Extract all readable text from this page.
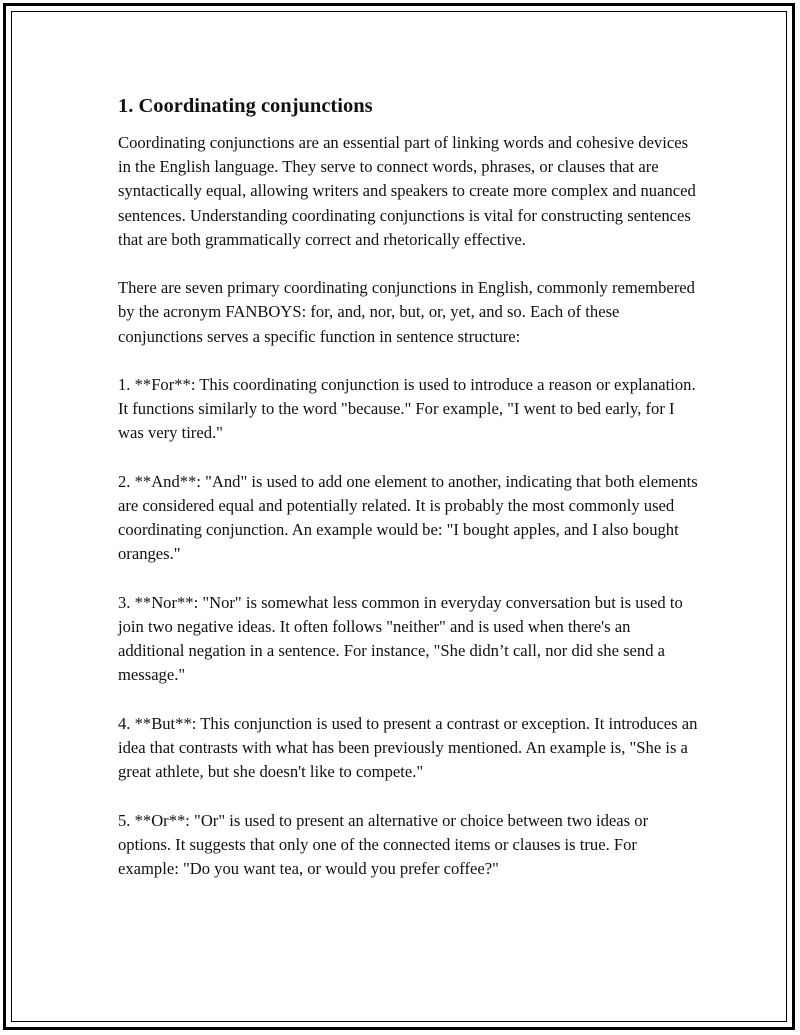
1. Coordinating conjunctions

Coordinating conjunctions are an essential part of linking words and cohesive devices in the English language. They serve to connect words, phrases, or clauses that are syntactically equal, allowing writers and speakers to create more complex and nuanced sentences. Understanding coordinating conjunctions is vital for constructing sentences that are both grammatically correct and rhetorically effective.

There are seven primary coordinating conjunctions in English, commonly remembered by the acronym FANBOYS: for, and, nor, but, or, yet, and so. Each of these conjunctions serves a specific function in sentence structure:

1. **For**: This coordinating conjunction is used to introduce a reason or explanation. It functions similarly to the word "because." For example, "I went to bed early, for I was very tired."

2. **And**: "And" is used to add one element to another, indicating that both elements are considered equal and potentially related. It is probably the most commonly used coordinating conjunction. An example would be: "I bought apples, and I also bought oranges."

3. **Nor**: "Nor" is somewhat less common in everyday conversation but is used to join two negative ideas. It often follows "neither" and is used when there's an additional negation in a sentence. For instance, "She didn’t call, nor did she send a message."

4. **But**: This conjunction is used to present a contrast or exception. It introduces an idea that contrasts with what has been previously mentioned. An example is, "She is a great athlete, but she doesn't like to compete."

5. **Or**: "Or" is used to present an alternative or choice between two ideas or options. It suggests that only one of the connected items or clauses is true. For example: "Do you want tea, or would you prefer coffee?"
